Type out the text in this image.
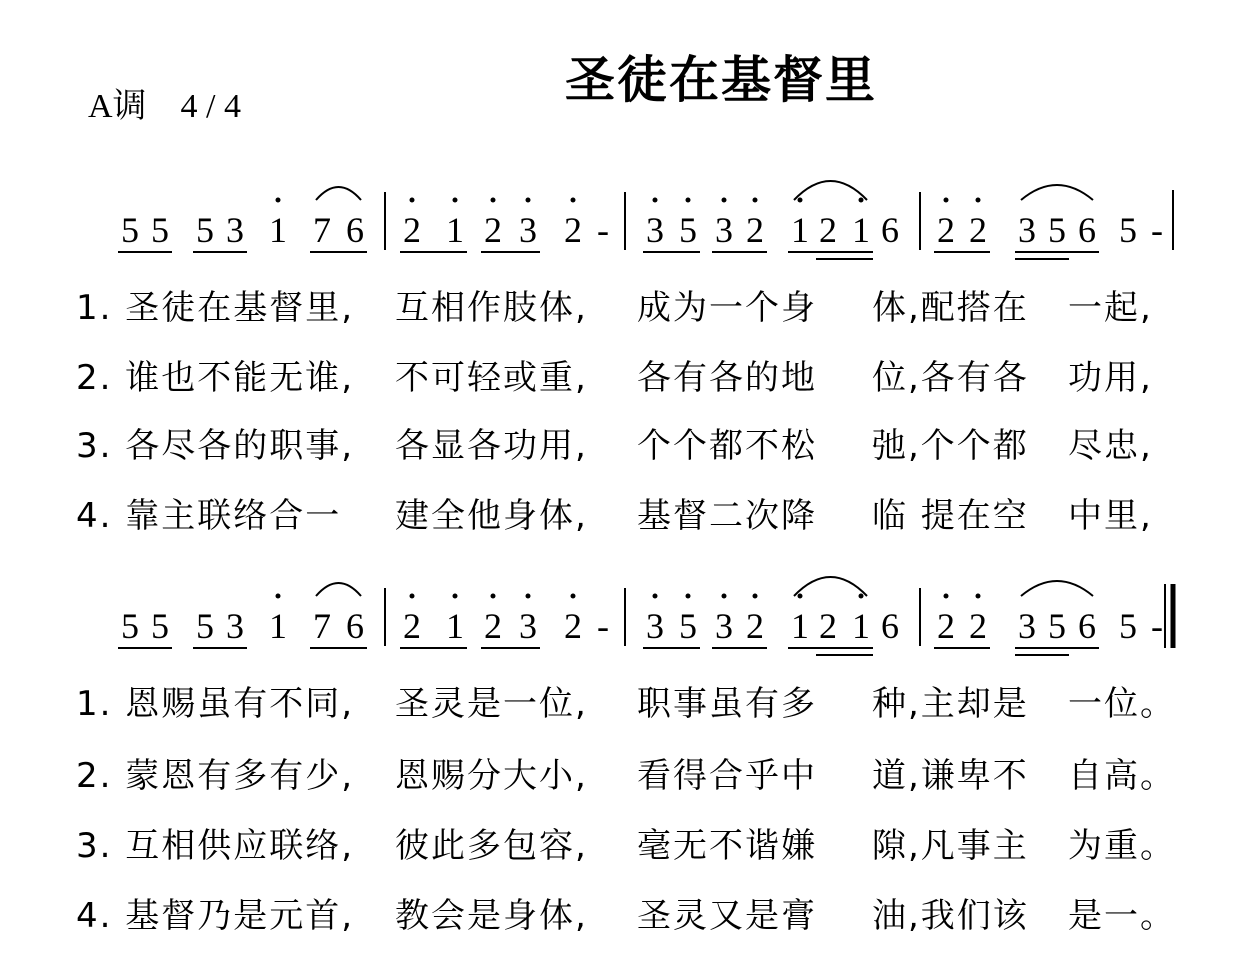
圣徒在基督里
A调　4 / 4
5 5 5 3 1 7 6 2 1 2 3 2 - 3 5 3 2 1 2 1 6 2 2 3 5 6 5 -
5 5 5 3 1 7 6 2 1 2 3 2 - 3 5 3 2 1 2 1 6 2 2 3 5 6 5 -
1. 圣徒在基督里, 互相作肢体, 成为一个身 体,配搭在 一起,
2. 谁也不能无谁, 不可轻或重, 各有各的地 位,各有各 功用,
3. 各尽各的职事, 各显各功用, 个个都不松 弛,个个都 尽忠,
4. 靠主联络合一 建全他身体, 基督二次降 临 提在空 中里,
1. 恩赐虽有不同, 圣灵是一位, 职事虽有多 种,主却是 一位。
2. 蒙恩有多有少, 恩赐分大小, 看得合乎中 道,谦卑不 自高。
3. 互相供应联络, 彼此多包容, 毫无不谐嫌 隙,凡事主 为重。
4. 基督乃是元首, 教会是身体, 圣灵又是膏 油,我们该 是一。
